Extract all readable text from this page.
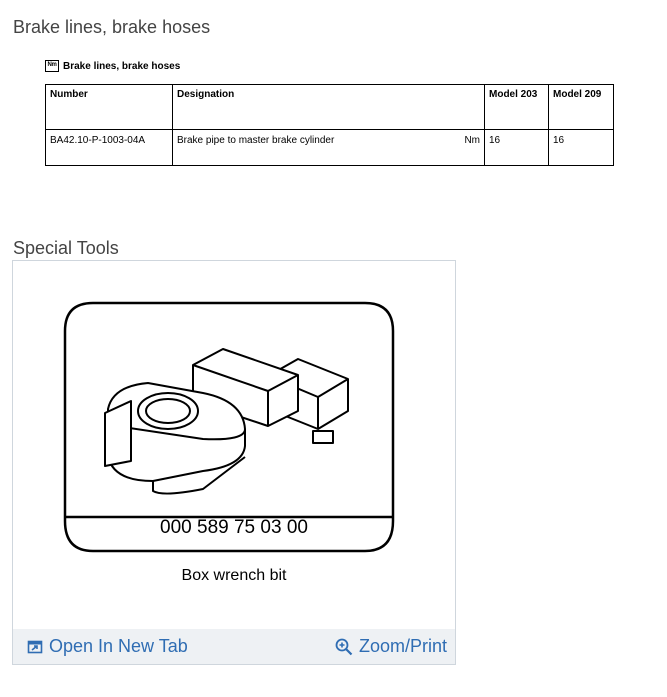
Brake lines, brake hoses
Nm Brake lines, brake hoses
Number	Designation	Model 203	Model 209
BA42.10-P-1003-04A	Brake pipe to master brake cylinder Nm	16	16
Special Tools
000 589 75 03 00
Box wrench bit
Open In New Tab	Zoom/Print
